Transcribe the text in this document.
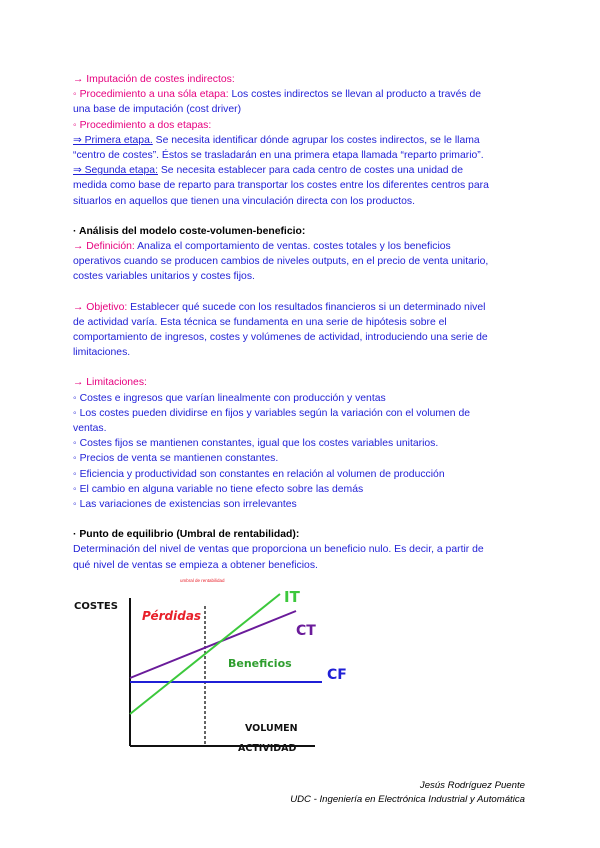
→ Imputación de costes indirectos:

◦ Procedimiento a una sóla etapa: Los costes indirectos se llevan al producto a través de

una base de imputación (cost driver)

◦ Procedimiento a dos etapas:

⇒ Primera etapa. Se necesita identificar dónde agrupar los costes indirectos, se le llama

“centro de costes”. Éstos se trasladarán en una primera etapa llamada “reparto primario”.

⇒ Segunda etapa: Se necesita establecer para cada centro de costes una unidad de

medida como base de reparto para transportar los costes entre los diferentes centros para

situarlos en aquellos que tienen una vinculación directa con los productos.

· Análisis del modelo coste-volumen-beneficio:

→ Definición: Analiza el comportamiento de ventas. costes totales y los beneficios

operativos cuando se producen cambios de niveles outputs, en el precio de venta unitario,

costes variables unitarios y costes fijos.

→ Objetivo: Establecer qué sucede con los resultados financieros si un determinado nivel

de actividad varía. Esta técnica se fundamenta en una serie de hipótesis sobre el

comportamiento de ingresos, costes y volúmenes de actividad, introduciendo una serie de

limitaciones.

→ Limitaciones:

◦ Costes e ingresos que varían linealmente con producción y ventas

◦ Los costes pueden dividirse en fijos y variables según la variación con el volumen de

ventas.

◦ Costes fijos se mantienen constantes, igual que los costes variables unitarios.

◦ Precios de venta se mantienen constantes.

◦ Eficiencia y productividad son constantes en relación al volumen de producción

◦ El cambio en alguna variable no tiene efecto sobre las demás

◦ Las variaciones de existencias son irrelevantes

· Punto de equilibrio (Umbral de rentabilidad):

Determinación del nivel de ventas que proporciona un beneficio nulo. Es decir, a partir de

qué nivel de ventas se empieza a obtener beneficios.

umbral de rentabilidad
COSTES
Pérdidas
Beneficios
IT
CT
CF
VOLUMEN
ACTIVIDAD
Jesús Rodríguez Puente
UDC - Ingeniería en Electrónica Industrial y Automática
